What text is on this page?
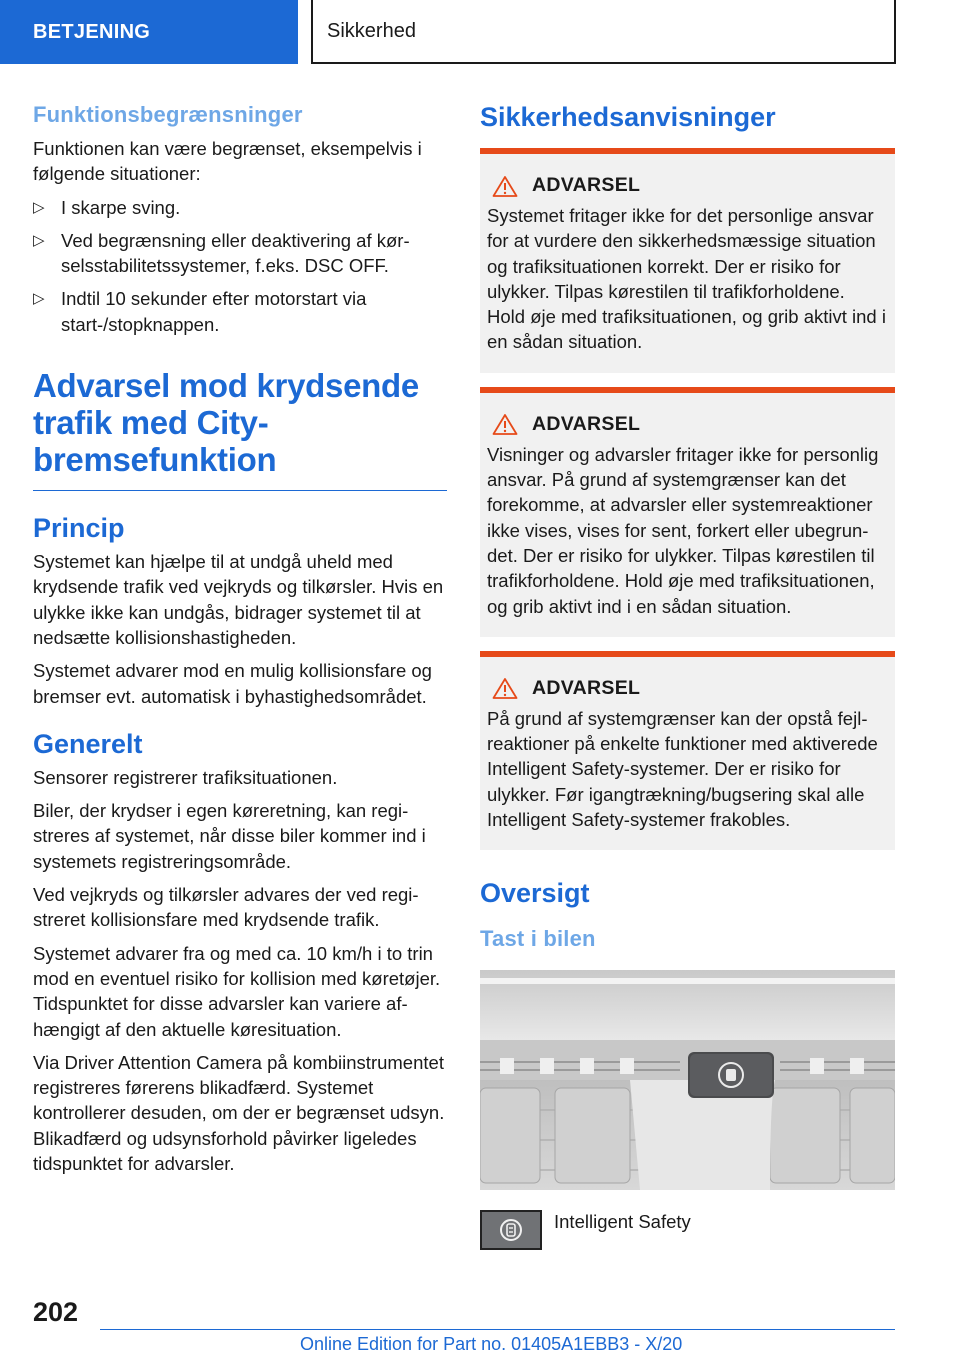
BETJENING	Sikkerhed
Funktionsbegrænsninger

Funktionen kan være begrænset, eksempelvis i følgende situationer:

▷ I skarpe sving.
▷ Ved begrænsning eller deaktivering af kørselsstabilitetssystemer, f.eks. DSC OFF.
▷ Indtil 10 sekunder efter motorstart via start-/stopknappen.
Advarsel mod krydsende
trafik med City-
bremsefunktion
Princip

Systemet kan hjælpe til at undgå uheld med krydsende trafik ved vejkryds og tilkørsler. Hvis en ulykke ikke kan undgås, bidrager systemet til at nedsætte kollisionshastigheden.

Systemet advarer mod en mulig kollisionsfare og bremser evt. automatisk i byhastighedsområdet.

Generelt

Sensorer registrerer trafiksituationen.

Biler, der krydser i egen køreretning, kan registreres af systemet, når disse biler kommer ind i systemets registreringsområde.

Ved vejkryds og tilkørsler advares der ved registreret kollisionsfare med krydsende trafik.

Systemet advarer fra og med ca. 10 km/h i to trin mod en eventuel risiko for kollision med køretøjer. Tidspunktet for disse advarsler kan variere afhængigt af den aktuelle køresituation.

Via Driver Attention Camera på kombiinstrumentet registreres førerens blikadfærd. Systemet kontrollerer desuden, om der er begrænset udsyn. Blikadfærd og udsynsforhold påvirker ligeledes tidspunktet for advarsler.

Sikkerhedsanvisninger
ADVARSEL

Systemet fritager ikke for det personlige ansvar for at vurdere den sikkerhedsmæssige situation og trafiksituationen korrekt. Der er risiko for ulykker. Tilpas kørestilen til trafikforholdene. Hold øje med trafiksituationen, og grib aktivt ind i en sådan situation.

ADVARSEL

Visninger og advarsler fritager ikke for personlig ansvar. På grund af systemgrænser kan det forekomme, at advarsler eller systemreaktioner ikke vises, vises for sent, forkert eller ubegrundet. Der er risiko for ulykker. Tilpas kørestilen til trafikforholdene. Hold øje med trafiksituationen, og grib aktivt ind i en sådan situation.

ADVARSEL

På grund af systemgrænser kan der opstå fejlreaktioner på enkelte funktioner med aktiverede Intelligent Safety-systemer. Der er risiko for ulykker. Før igangtrækning/bugsering skal alle Intelligent Safety-systemer frakobles.

Oversigt
Tast i bilen
Intelligent Safety
202
Online Edition for Part no. 01405A1EBB3 - X/20
